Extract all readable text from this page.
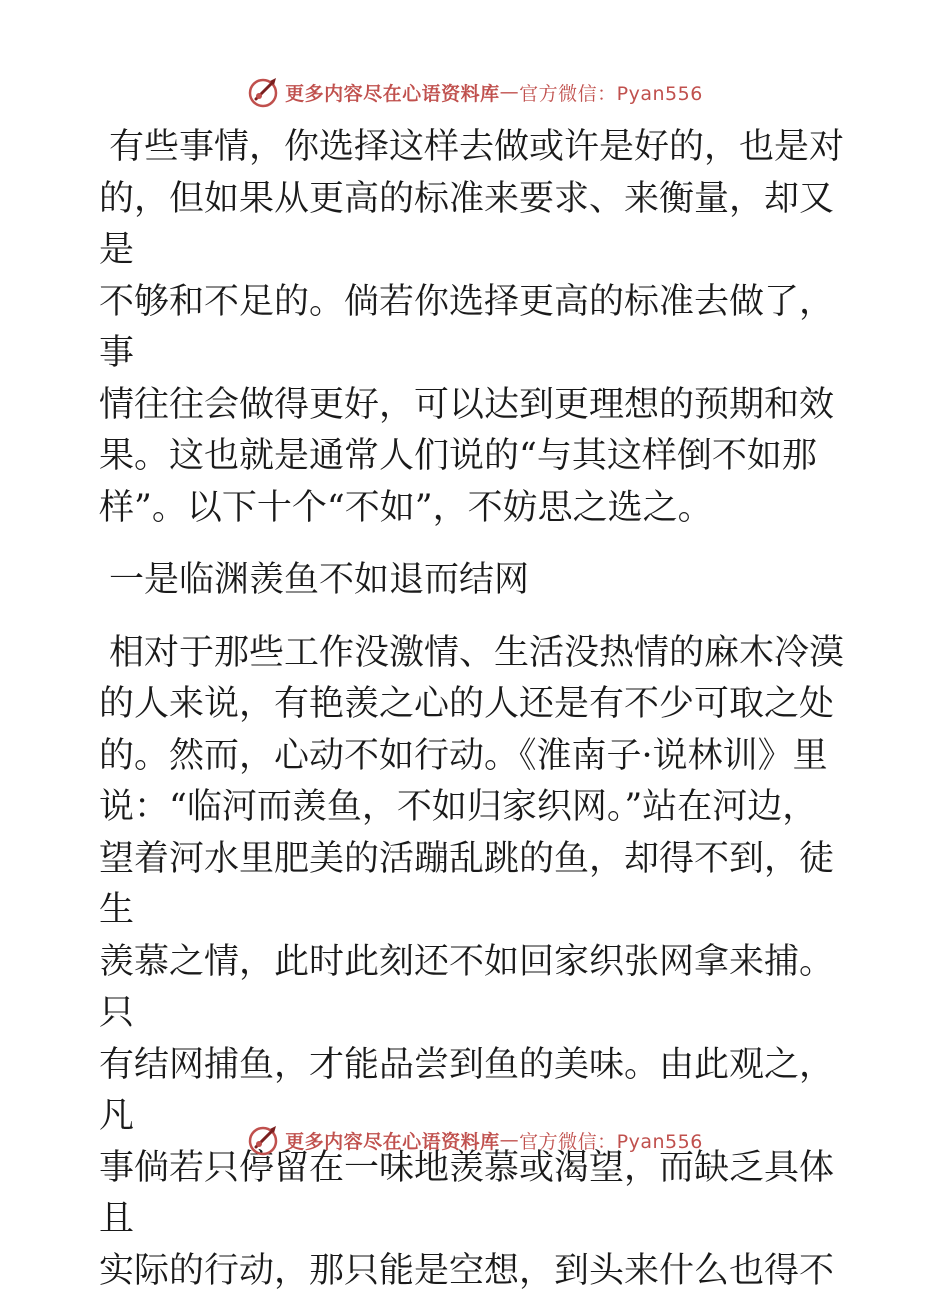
更多内容尽在心语资料库 — 官方微信：Pyan556

有些事情，你选择这样去做或许是好的，也是对
的，但如果从更高的标准来要求、来衡量，却又是
不够和不足的。倘若你选择更高的标准去做了，事
情往往会做得更好，可以达到更理想的预期和效
果。这也就是通常人们说的“与其这样倒不如那
样”。以下十个“不如”，不妨思之选之。

一是临渊羡鱼不如退而结网

相对于那些工作没激情、生活没热情的麻木冷漠
的人来说，有艳羡之心的人还是有不少可取之处
的。然而，心动不如行动。《淮南子·说林训》里
说：“临河而羡鱼，不如归家织网。”站在河边，
望着河水里肥美的活蹦乱跳的鱼，却得不到，徒生
羡慕之情，此时此刻还不如回家织张网拿来捕。只
有结网捕鱼，才能品尝到鱼的美味。由此观之，凡
事倘若只停留在一味地羡慕或渴望，而缺乏具体且
实际的行动，那只能是空想，到头来什么也得不

更多内容尽在心语资料库 — 官方微信：Pyan556
